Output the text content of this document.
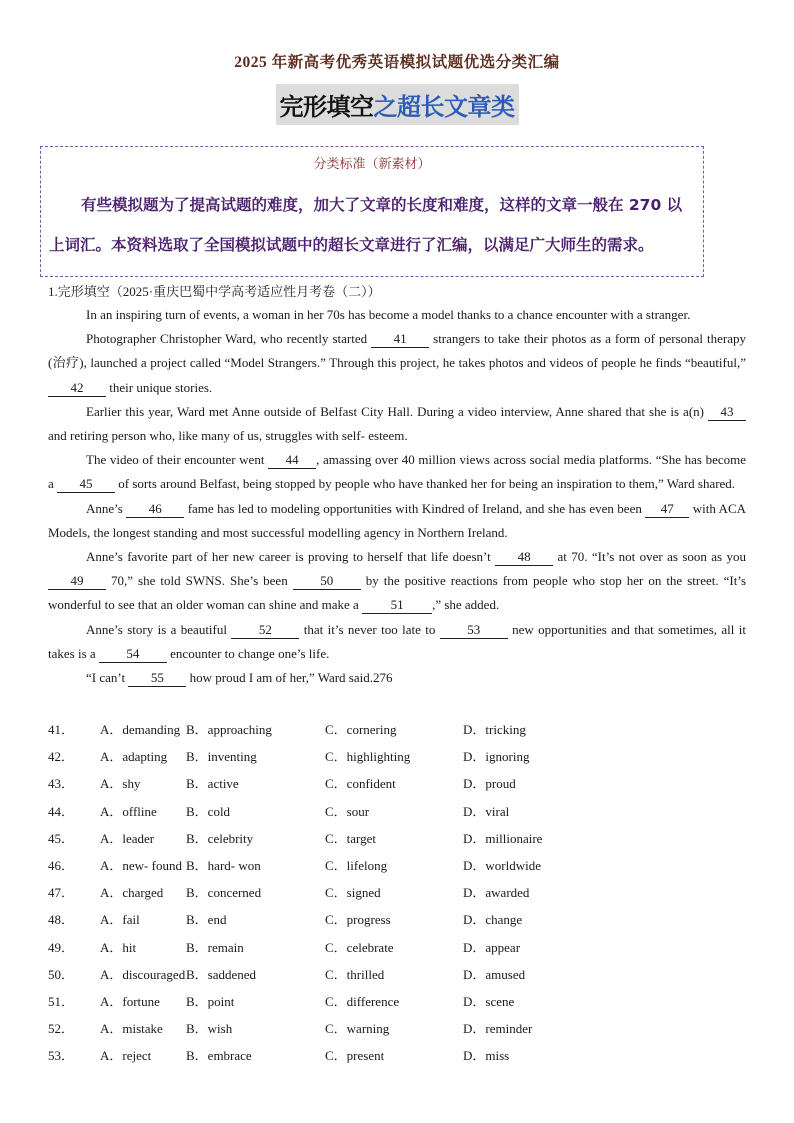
2025 年新高考优秀英语模拟试题优选分类汇编
完形填空之超长文章类
分类标准（新素材）
有些模拟题为了提高试题的难度，加大了文章的长度和难度，这样的文章一般在 270 以上词汇。本资料选取了全国模拟试题中的超长文章进行了汇编，以满足广大师生的需求。
1.完形填空（2025·重庆巴蜀中学高考适应性月考卷（二））

In an inspiring turn of events, a woman in her 70s has become a model thanks to a chance encounter with a stranger.

Photographer Christopher Ward, who recently started 41 strangers to take their photos as a form of personal therapy (治疗), launched a project called “Model Strangers.” Through this project, he takes photos and videos of people he finds “beautiful,” 42 their unique stories.

Earlier this year, Ward met Anne outside of Belfast City Hall. During a video interview, Anne shared that she is a(n) 43 and retiring person who, like many of us, struggles with self- esteem.

The video of their encounter went 44 , amassing over 40 million views across social media platforms. “She has become a 45 of sorts around Belfast, being stopped by people who have thanked her for being an inspiration to them,” Ward shared.

Anne’s 46 fame has led to modeling opportunities with Kindred of Ireland, and she has even been 47 with ACA Models, the longest standing and most successful modelling agency in Northern Ireland.

Anne’s favorite part of her new career is proving to herself that life doesn’t 48 at 70. “It’s not over as soon as you 49 70,” she told SWNS. She’s been 50 by the positive reactions from people who stop her on the street. “It’s wonderful to see that an older woman can shine and make a 51 ,” she added.

Anne’s story is a beautiful 52 that it’s never too late to 53 new opportunities and that sometimes, all it takes is a 54 encounter to change one’s life.

“I can’t 55 how proud I am of her,” Ward said.276

41． A．demanding B．approaching	C．cornering	D．tricking
42． A．adapting B．inventing	C．highlighting	D．ignoring
43． A．shy	B．active	C．confident	D．proud
44． A．offline B．cold	C．sour	D．viral
45． A．leader B．celebrity	C．target	D．millionaire
46． A．new- found B．hard- won	C．lifelong	D．worldwide
47． A．charged B．concerned	C．signed	D．awarded
48． A．fail	B．end	C．progress	D．change
49． A．hit	B．remain	C．celebrate	D．appear
50． A．discouraged B．saddened	C．thrilled	D．amused
51． A．fortune B．point	C．difference	D．scene
52． A．mistake B．wish	C．warning	D．reminder
53． A．reject	B．embrace	C．present	D．miss
